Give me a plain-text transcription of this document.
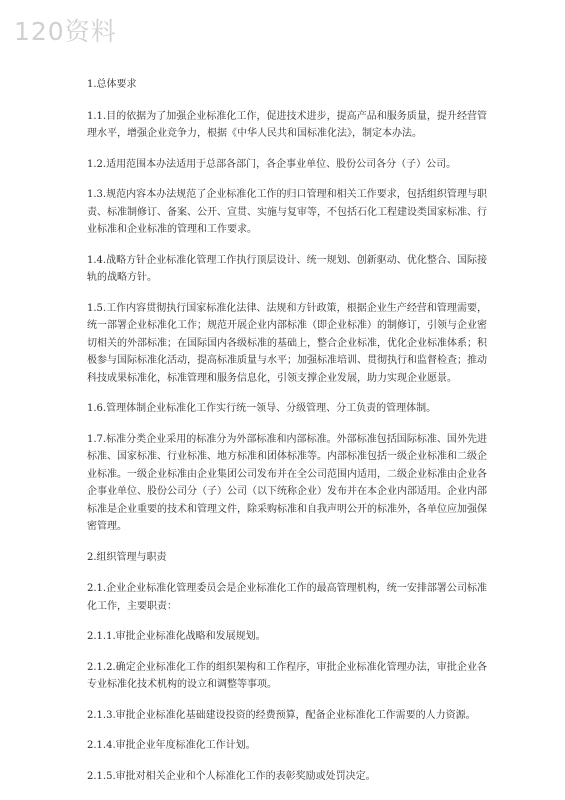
120资料

1.总体要求

1.1.目的依据为了加强企业标准化工作，促进技术进步，提高产品和服务质量，提升经营管理水平，增强企业竞争力，根据《中华人民共和国标准化法》，制定本办法。

1.2.适用范围本办法适用于总部各部门，各企事业单位、股份公司各分（子）公司。

1.3.规范内容本办法规范了企业标准化工作的归口管理和相关工作要求，包括组织管理与职责、标准制修订、备案、公开、宣贯、实施与复审等，不包括石化工程建设类国家标准、行业标准和企业标准的管理和工作要求。

1.4.战略方针企业标准化管理工作执行顶层设计、统一规划、创新驱动、优化整合、国际接轨的战略方针。

1.5.工作内容贯彻执行国家标准化法律、法规和方针政策，根据企业生产经营和管理需要，统一部署企业标准化工作；规范开展企业内部标准（即企业标准）的制修订，引领与企业密切相关的外部标准；在国际国内各级标准的基础上，整合企业标准，优化企业标准体系；积极参与国际标准化活动，提高标准质量与水平；加强标准培训、贯彻执行和监督检查；推动科技成果标准化，标准管理和服务信息化，引领支撑企业发展，助力实现企业愿景。

1.6.管理体制企业标准化工作实行统一领导、分级管理、分工负责的管理体制。

1.7.标准分类企业采用的标准分为外部标准和内部标准。外部标准包括国际标准、国外先进标准、国家标准、行业标准、地方标准和团体标准等。内部标准包括一级企业标准和二级企业标准。一级企业标准由企业集团公司发布并在全公司范围内适用，二级企业标准由企业各企事业单位、股份公司分（子）公司（以下统称企业）发布并在本企业内部适用。企业内部标准是企业重要的技术和管理文件，除采购标准和自我声明公开的标准外，各单位应加强保密管理。

2.组织管理与职责

2.1.企业企业标准化管理委员会是企业标准化工作的最高管理机构，统一安排部署公司标准化工作，主要职责：

2.1.1.审批企业标准化战略和发展规划。

2.1.2.确定企业标准化工作的组织架构和工作程序，审批企业标准化管理办法，审批企业各专业标准化技术机构的设立和调整等事项。

2.1.3.审批企业标准化基础建设投资的经费预算，配备企业标准化工作需要的人力资源。

2.1.4.审批企业年度标准化工作计划。

2.1.5.审批对相关企业和个人标准化工作的表彰奖励或处罚决定。
